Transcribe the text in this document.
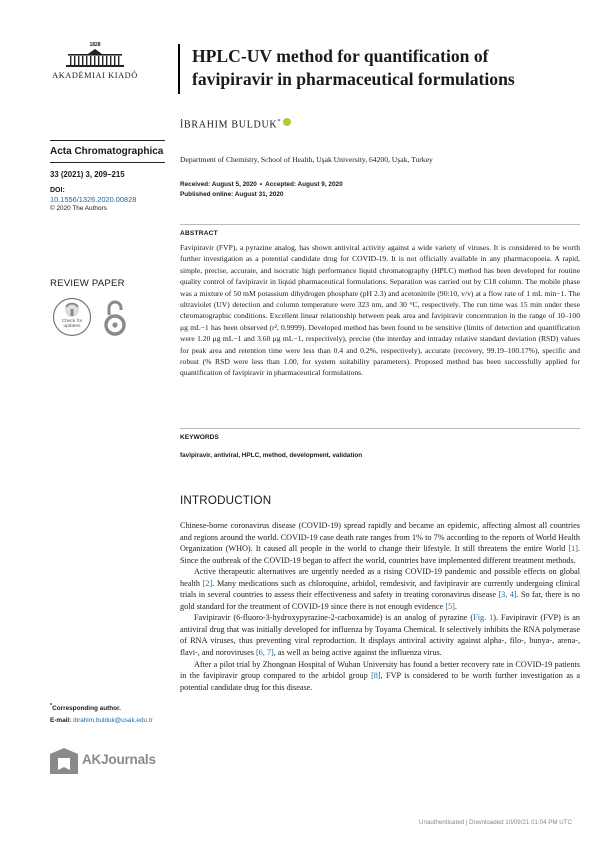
1828
AKADÉMIAI KIADÓ
Acta Chromatographica
33 (2021) 3, 209–215
DOI:
10.1556/1326.2020.00828
© 2020 The Authors
REVIEW PAPER
Check for
updates
*Corresponding author.
E-mail: ibrahim.bulduk@usak.edu.tr
AKJournals
HPLC-UV method for quantification of favipiravir in pharmaceutical formulations
İBRAHIM BULDUK*
Department of Chemistry, School of Health, Uşak University, 64200, Uşak, Turkey
Received: August 5, 2020 • Accepted: August 9, 2020
Published online: August 31, 2020
ABSTRACT
Favipiravir (FVP), a pyrazine analog, has shown antiviral activity against a wide variety of viruses. It is considered to be worth further investigation as a potential candidate drug for COVID-19. It is not officially available in any pharmacopoeia. A rapid, simple, precise, accurate, and isocratic high performance liquid chromatography (HPLC) method has been developed for routine quality control of favipiravir in liquid pharmaceutical formulations. Separation was carried out by C18 column. The mobile phase was a mixture of 50 mM potassium dihydrogen phosphate (pH 2.3) and acetonitrile (90:10, v/v) at a flow rate of 1 mL min−1. The ultraviolet (UV) detection and column temperature were 323 nm, and 30 °C, respectively. The run time was 15 min under these chromatographic conditions. Excellent linear relationship between peak area and favipiravir concentration in the range of 10–100 μg mL−1 has been observed (r², 0.9999). Developed method has been found to be sensitive (limits of detection and quantification were 1.20 μg mL−1 and 3.60 μg mL−1, respectively), precise (the interday and intraday relative standard deviation (RSD) values for peak area and retention time were less than 0.4 and 0.2%, respectively), accurate (recovery, 99.19–100.17%), specific and robust (% RSD were less than 1.00, for system suitability parameters). Proposed method has been successfully applied for quantification of favipiravir in pharmaceutical formulations.
KEYWORDS
favipiravir, antiviral, HPLC, method, development, validation
INTRODUCTION

Chinese-borne coronavirus disease (COVID-19) spread rapidly and became an epidemic, affecting almost all countries and regions around the world. COVID-19 case death rate ranges from 1% to 7% according to the reports of World Health Organization (WHO). It caused all people in the world to change their lifestyle. It still threatens the entire World [1]. Since the outbreak of the COVID-19 began to affect the world, countries have implemented different treatment methods.

Active therapeutic alternatives are urgently needed as a rising COVID-19 pandemic and possible effects on global health [2]. Many medications such as chloroquine, arbidol, remdesivir, and favipiravir are currently undergoing clinical trials in several countries to assess their effectiveness and safety in treating coronavirus disease [3, 4]. So far, there is no gold standard for the treatment of COVID-19 since there is not enough evidence [5].

Favipiravir (6-fluoro-3-hydroxypyrazine-2-carboxamide) is an analog of pyrazine (Fig. 1). Favipiravir (FVP) is an antiviral drug that was initially developed for influenza by Toyama Chemical. It selectively inhibits the RNA polymerase of RNA viruses, thus preventing viral reproduction. It displays antiviral activity against alpha-, filo-, bunya-, arena-, flavi-, and noroviruses [6, 7], as well as being active against the influenza virus.

After a pilot trial by Zhongnan Hospital of Wuhan University has found a better recovery rate in COVID-19 patients in the favipiravir group compared to the arbidol group [8], FVP is considered to be worth further investigation as a potential candidate drug for this disease.

Unauthenticated | Downloaded 10/09/21 01:04 PM UTC
